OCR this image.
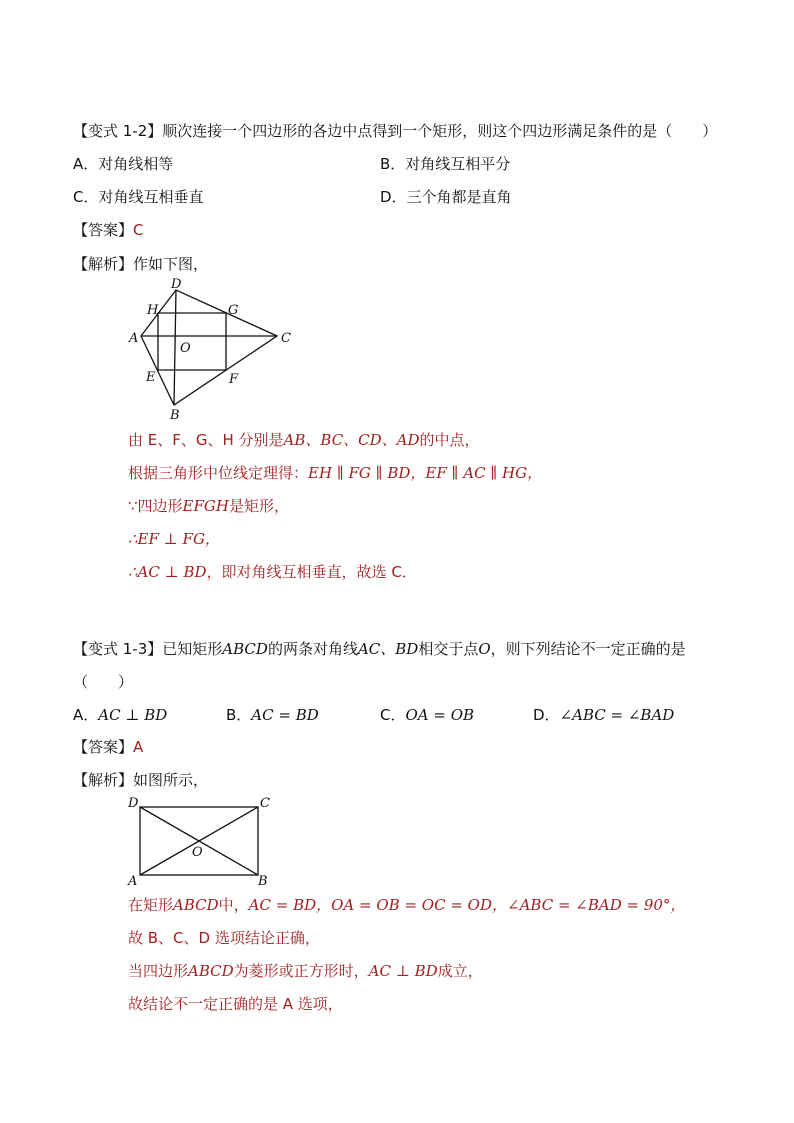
【变式 1-2】顺次连接一个四边形的各边中点得到一个矩形，则这个四边形满足条件的是（　　）
A．对角线相等	B．对角线互相平分
C．对角线互相垂直	D．三个角都是直角
【答案】C
【解析】作如下图，
D
H	G
A
O
C
E	F
B
由 E、F、G、H 分别是AB、BC、CD、AD的中点，
根据三角形中位线定理得：EH ∥ FG ∥ BD，EF ∥ AC ∥ HG，
∵四边形EFGH是矩形，
∴EF ⊥ FG，
∴AC ⊥ BD，即对角线互相垂直，故选 C．
【变式 1-3】已知矩形ABCD的两条对角线AC、BD相交于点O，则下列结论不一定正确的是
（　　）
A．AC ⊥ BD	B．AC = BD	C．OA = OB	D．∠ABC = ∠BAD
【答案】A
【解析】如图所示，
D	C
O
A	B
在矩形ABCD中，AC = BD，OA = OB = OC = OD，∠ABC = ∠BAD = 90°，
故 B、C、D 选项结论正确，
当四边形ABCD为菱形或正方形时，AC ⊥ BD成立，
故结论不一定正确的是 A 选项，
